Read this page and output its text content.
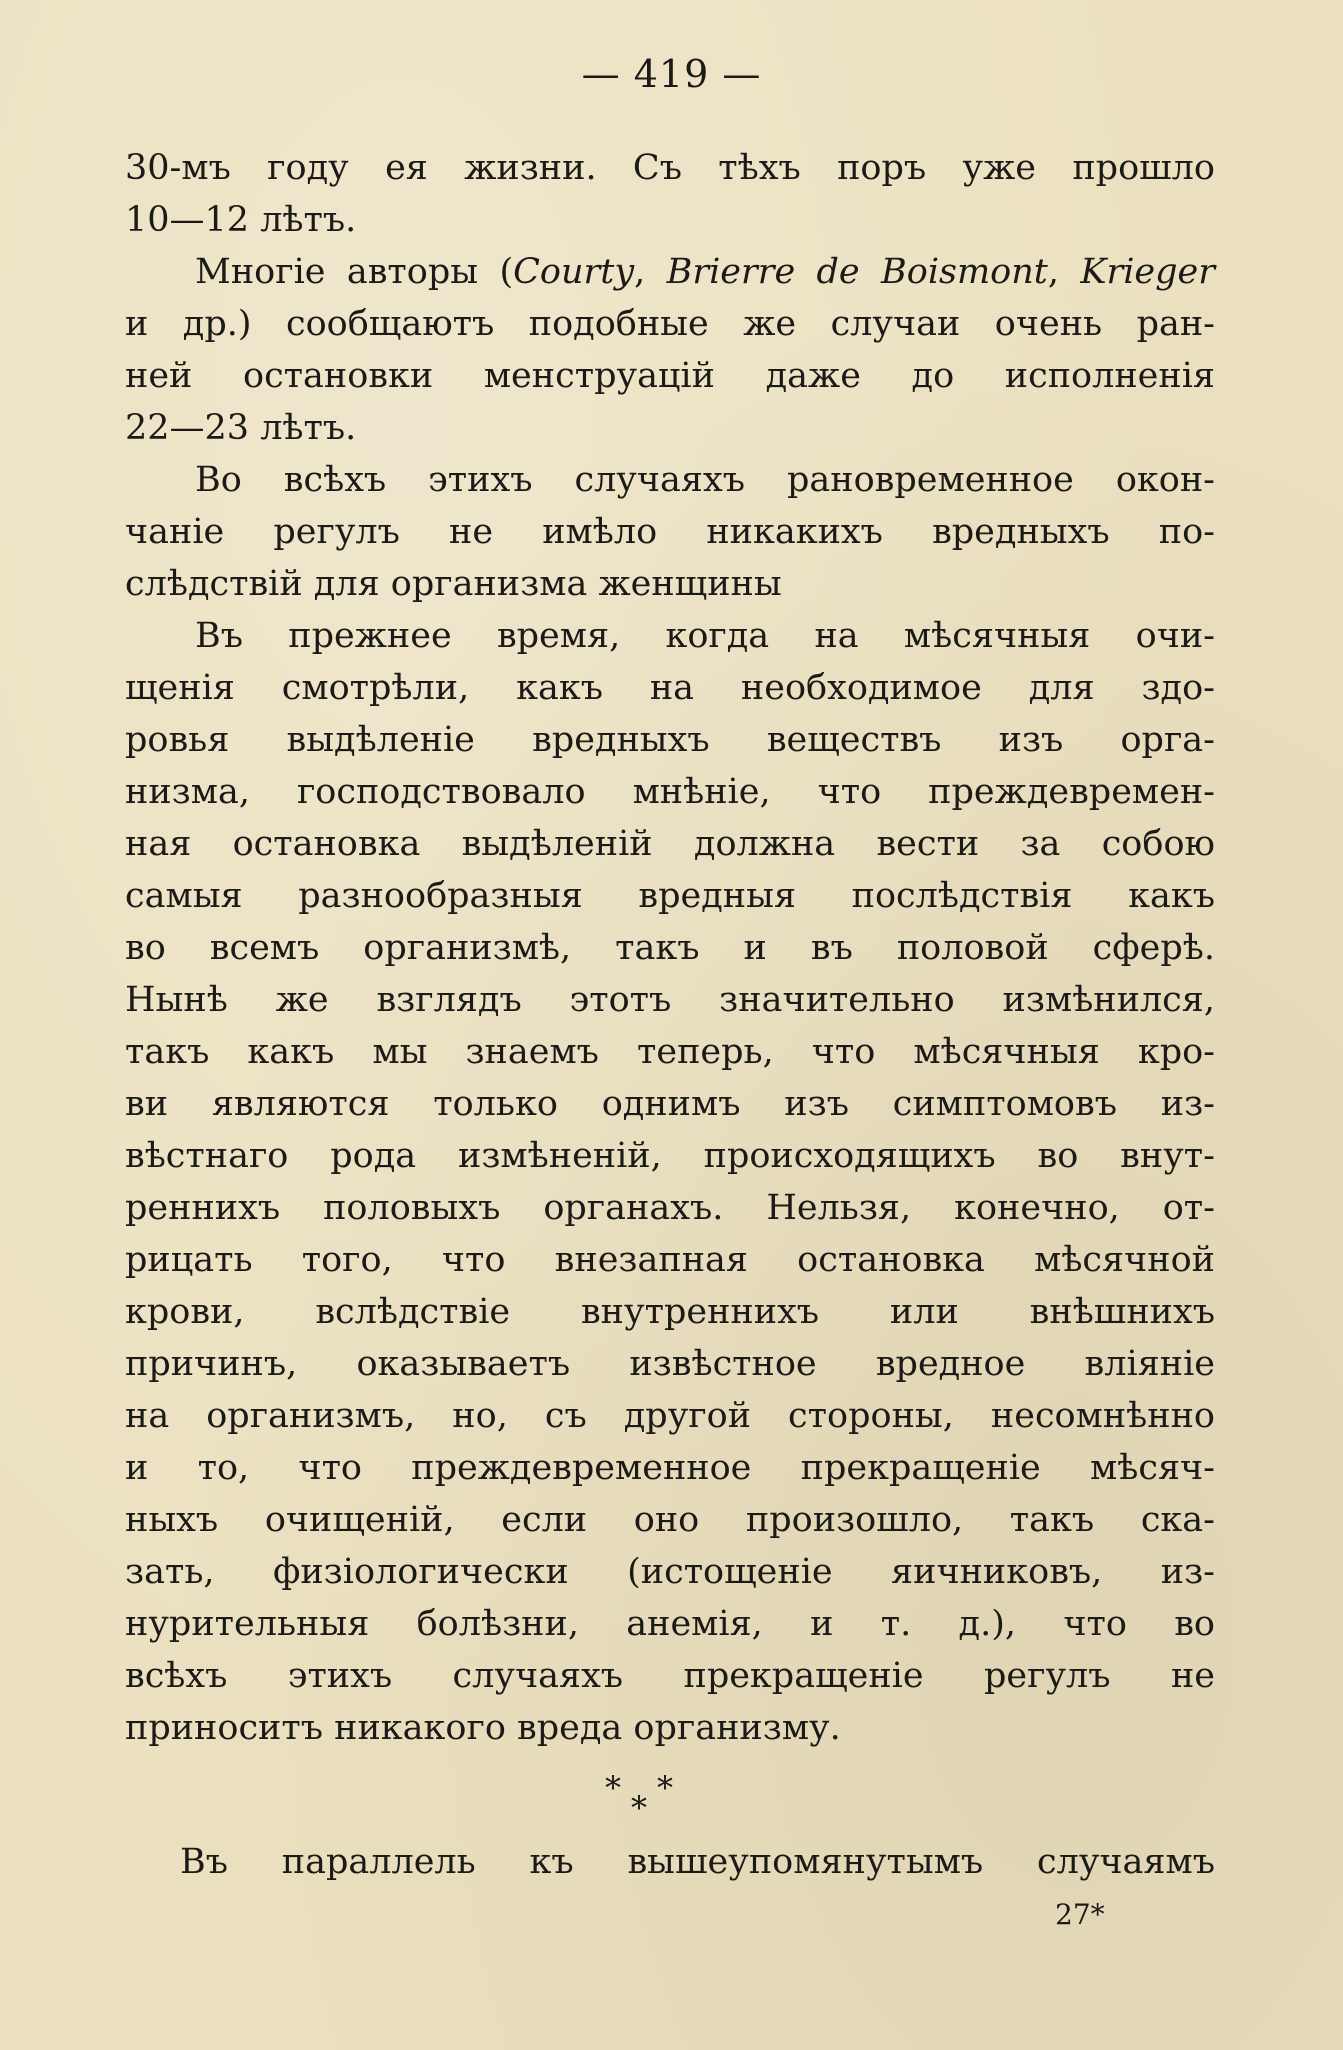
— 419 —
30-мъ году ея жизни. Съ тѣхъ поръ уже прошло
10—12 лѣтъ.
Многіе авторы (Courty, Brierre de Boismont, Krieger
и др.) сообщаютъ подобные же случаи очень ран-
ней остановки менструацій даже до исполненія
22—23 лѣтъ.
Во всѣхъ этихъ случаяхъ рановременное окон-
чаніе регулъ не имѣло никакихъ вредныхъ по-
слѣдствій для организма женщины
Въ прежнее время, когда на мѣсячныя очи-
щенія смотрѣли, какъ на необходимое для здо-
ровья выдѣленіе вредныхъ веществъ изъ орга-
низма, господствовало мнѣніе, что преждевремен-
ная остановка выдѣленій должна вести за собою
самыя разнообразныя вредныя послѣдствія какъ
во всемъ организмѣ, такъ и въ половой сферѣ.
Нынѣ же взглядъ этотъ значительно измѣнился,
такъ какъ мы знаемъ теперь, что мѣсячныя кро-
ви являются только однимъ изъ симптомовъ из-
вѣстнаго рода измѣненій, происходящихъ во внут-
реннихъ половыхъ органахъ. Нельзя, конечно, от-
рицать того, что внезапная остановка мѣсячной
крови, вслѣдствіе внутреннихъ или внѣшнихъ
причинъ, оказываетъ извѣстное вредное вліяніе
на организмъ, но, съ другой стороны, несомнѣнно
и то, что преждевременное прекращеніе мѣсяч-
ныхъ очищеній, если оно произошло, такъ ска-
зать, физіологически (истощеніе яичниковъ, из-
нурительныя болѣзни, анемія, и т. д.), что во
всѣхъ этихъ случаяхъ прекращеніе регулъ не
приноситъ никакого вреда организму.
*
*
*
Въ параллель къ вышеупомянутымъ случаямъ
27*
